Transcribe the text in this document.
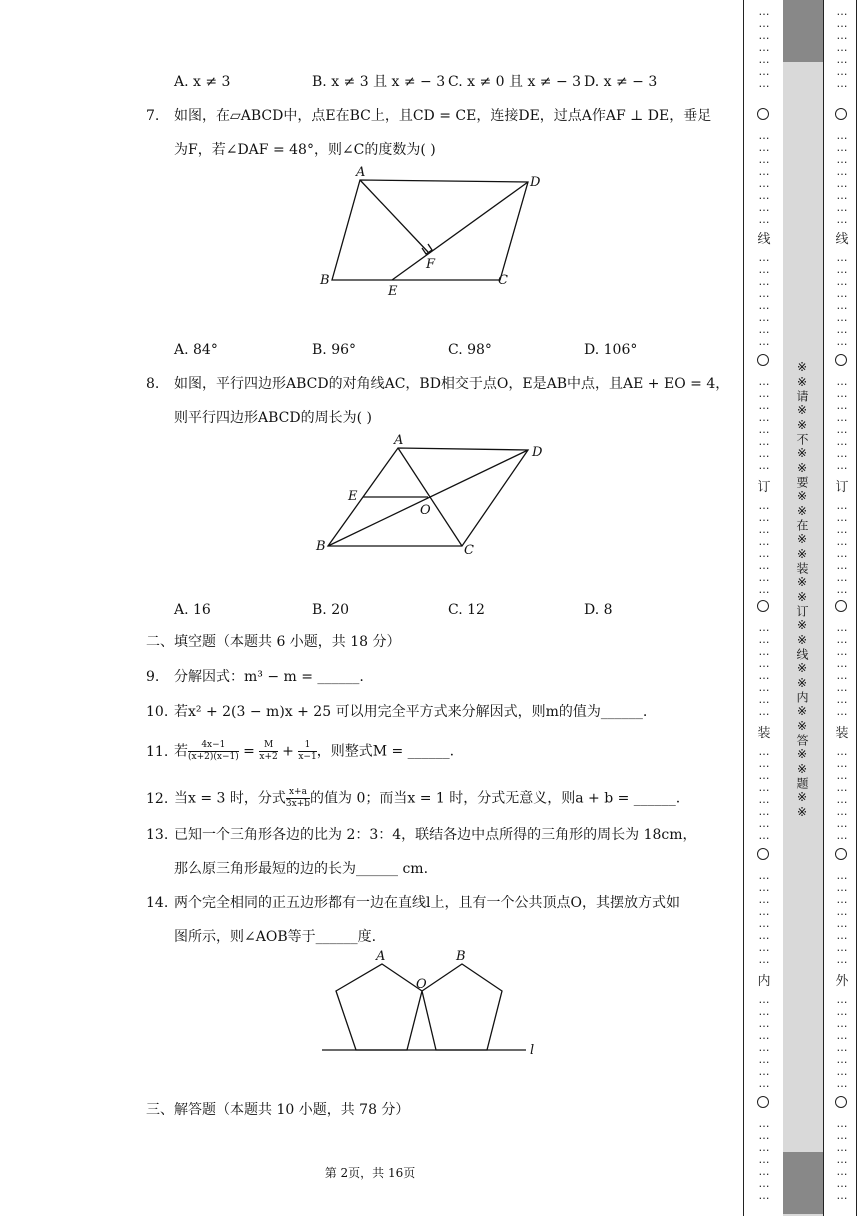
A. x ≠ 3	B. x ≠ 3 且 x ≠ − 3 C. x ≠ 0 且 x ≠ − 3 D. x ≠ − 3
7. 如图，在▱ABCD中，点E在BC上，且CD = CE，连接DE，过点A作AF ⊥ DE，垂足
为F，若∠DAF = 48°，则∠C的度数为( )
A
D
B	C
E
F
A. 84°	B. 96°	C. 98°	D. 106°
8. 如图，平行四边形ABCD的对角线AC，BD相交于点O，E是AB中点，且AE + EO = 4，
则平行四边形ABCD的周长为( )
A
D
B	C
E
O
A. 16	B. 20	C. 12	D. 8
二、填空题（本题共 6 小题，共 18 分）
9. 分解因式：m³ − m = ______.
10. 若x² + 2(3 − m)x + 25 可以用完全平方式来分解因式，则m的值为______.
11. 若 $\frac{4x-1}{(x+2)(x-1)} = \frac{M}{x+2} + \frac{1}{x-1}$ ，则整式M = ______.
12. 当x = 3 时，分式 $\frac{x+a}{3x+b}$ 的值为 0；而当x = 1 时，分式无意义，则a + b = ______.
13. 已知一个三角形各边的比为 2：3：4，联结各边中点所得的三角形的周长为 18cm，
那么原三角形最短的边的长为______ cm.
14. 两个完全相同的正五边形都有一边在直线l上，且有一个公共顶点O，其摆放方式如
图所示，则∠AOB等于______度.
A	B
O
l
三、解答题（本题共 10 小题，共 78 分）
第 2页，共 16页
…
…
…
…
…
…
…
…
…
…
…
…
…
…
…
线
…
…
…
…
…
…
…
…
…
…
…
…
…
…
…
…
订
…
…
…
…
…
…
…
…
…
…
…
…
…
…
…
…
装
…
…
…
…
…
…
…
…
…
…
…
…
…
…
…
…
内
…
…
…
…
…
…
…
…
…
…
…
…
…
…
…
※※请※※不※※要※※在※※装※※订※※线※※内※※答※※题※※
…
…
…
…
…
…
…
…
…
…
…
…
…
…
…
线
…
…
…
…
…
…
…
…
…
…
…
…
…
…
…
…
订
…
…
…
…
…
…
…
…
…
…
…
…
…
…
…
…
装
…
…
…
…
…
…
…
…
…
…
…
…
…
…
…
…
外
…
…
…
…
…
…
…
…
…
…
…
…
…
…
…
